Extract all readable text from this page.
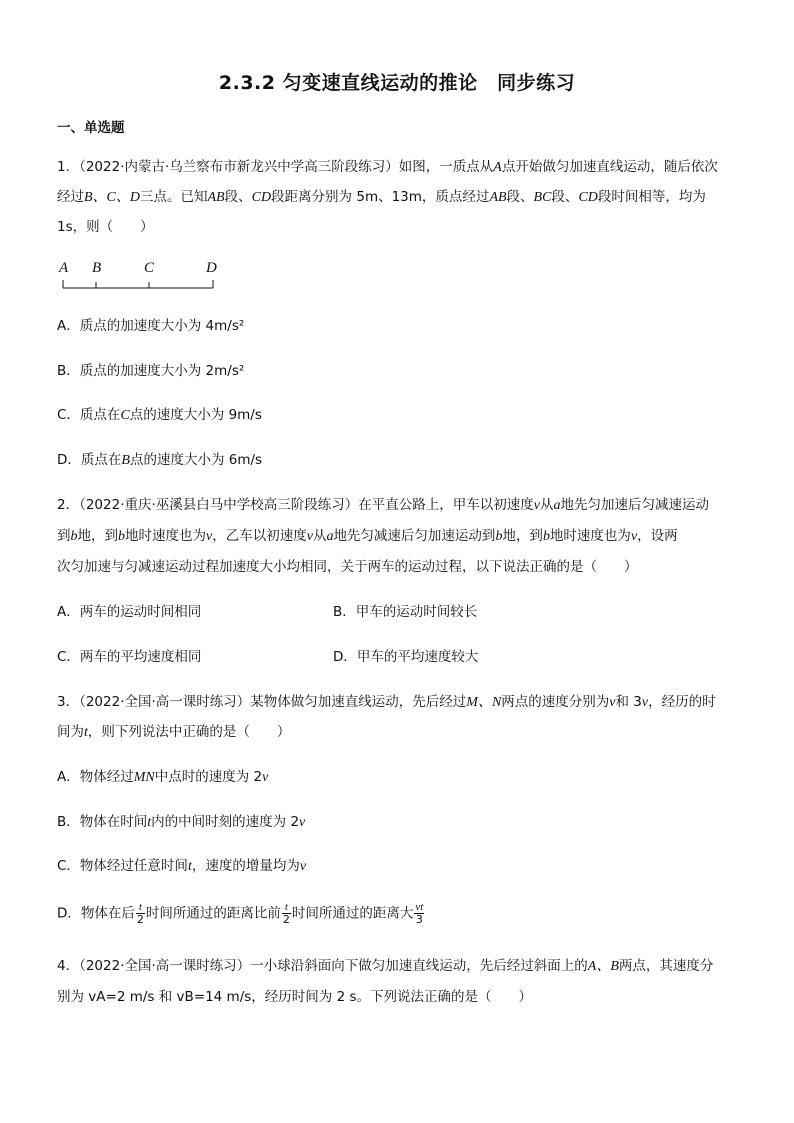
2.3.2 匀变速直线运动的推论　同步练习
一、单选题
1．（2022·内蒙古·乌兰察布市新龙兴中学高三阶段练习）如图，一质点从A点开始做匀加速直线运动，随后依次
经过B、C、D三点。已知AB段、CD段距离分别为 5m、13m，质点经过AB段、BC段、CD段时间相等，均为
1s，则（　　）
A B	C	D
A．质点的加速度大小为 4m/s²
B．质点的加速度大小为 2m/s²
C．质点在C点的速度大小为 9m/s
D．质点在B点的速度大小为 6m/s
2．（2022·重庆·巫溪县白马中学校高三阶段练习）在平直公路上，甲车以初速度v从a地先匀加速后匀减速运动
到b地，到b地时速度也为v，乙车以初速度v从a地先匀减速后匀加速运动到b地，到b地时速度也为v，设两
次匀加速与匀减速运动过程加速度大小均相同，关于两车的运动过程，以下说法正确的是（　　）
A．两车的运动时间相同	B．甲车的运动时间较长
C．两车的平均速度相同	D．甲车的平均速度较大
3．（2022·全国·高一课时练习）某物体做匀加速直线运动，先后经过M、N两点的速度分别为v和 3v，经历的时
间为t，则下列说法中正确的是（　　）
A．物体经过MN中点时的速度为 2v
B．物体在时间t内的中间时刻的速度为 2v
C．物体经过任意时间t，速度的增量均为v
D．物体在后 $\frac{t}{2}$ 时间所通过的距离比前 $\frac{t}{2}$ 时间所通过的距离大 $\frac{vt}{3}$
4．（2022·全国·高一课时练习）一小球沿斜面向下做匀加速直线运动，先后经过斜面上的A、B两点，其速度分
别为 vA=2 m/s 和 vB=14 m/s，经历时间为 2 s。下列说法正确的是（　　）
